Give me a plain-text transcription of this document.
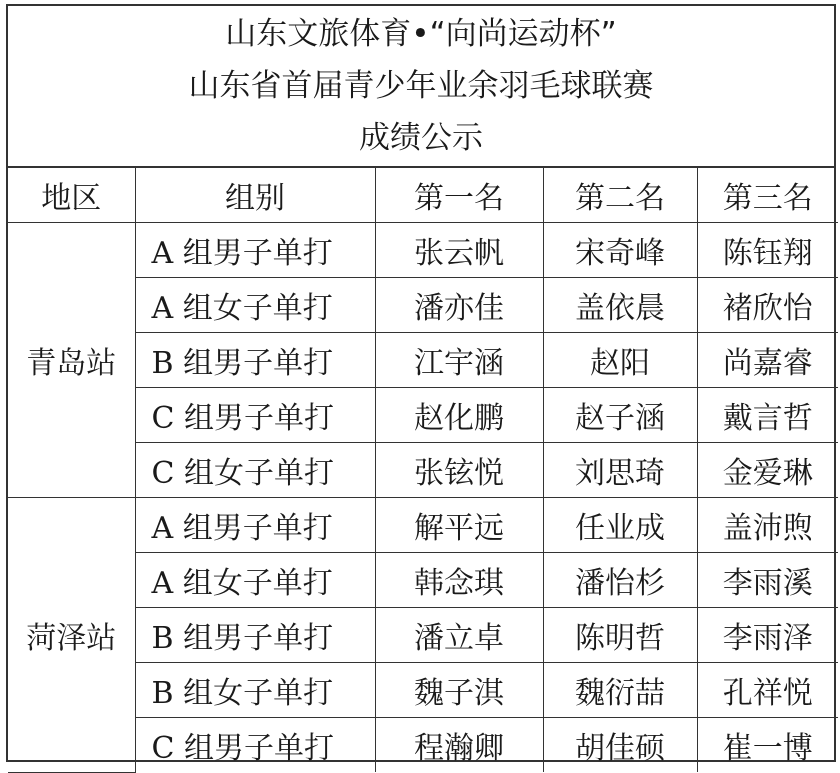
山东文旅体育•“向尚运动杯”
山东省首届青少年业余羽毛球联赛
成绩公示
地区	组别	第一名	第二名	第三名
青岛站	A 组男子单打	张云帆	宋奇峰	陈钰翔
	A 组女子单打	潘亦佳	盖依晨	褚欣怡
	B 组男子单打	江宇涵	赵阳	尚嘉睿
	C 组男子单打	赵化鹏	赵子涵	戴言哲
	C 组女子单打	张铉悦	刘思琦	金爱琳
菏泽站	A 组男子单打	解平远	任业成	盖沛煦
	A 组女子单打	韩念琪	潘怡杉	李雨溪
	B 组男子单打	潘立卓	陈明哲	李雨泽
	B 组女子单打	魏子淇	魏衍喆	孔祥悦
	C 组男子单打	程瀚卿	胡佳硕	崔一博
